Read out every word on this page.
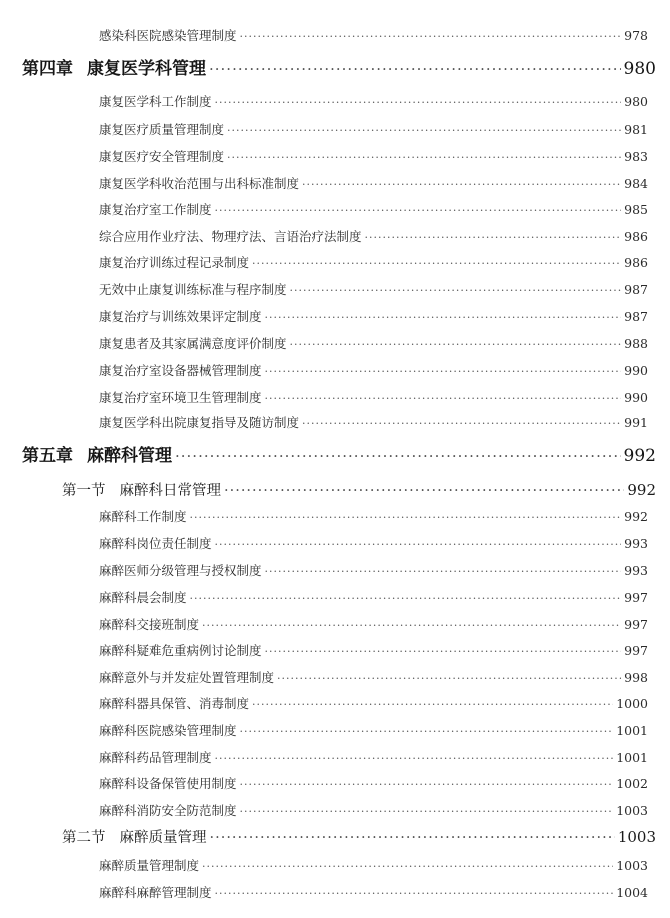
感染科医院感染管理制度 ·····	978
第四章 康复医学科管理 ·····	980
康复医学科工作制度 ·····	980
康复医疗质量管理制度 ·····	981
康复医疗安全管理制度 ·····	983
康复医学科收治范围与出科标准制度 ·····	984
康复治疗室工作制度 ·····	985
综合应用作业疗法、物理疗法、言语治疗法制度 ·····	986
康复治疗训练过程记录制度 ·····	986
无效中止康复训练标准与程序制度 ·····	987
康复治疗与训练效果评定制度 ·····	987
康复患者及其家属满意度评价制度 ·····	988
康复治疗室设备器械管理制度 ·····	990
康复治疗室环境卫生管理制度 ·····	990
康复医学科出院康复指导及随访制度 ·····	991
第五章 麻醉科管理 ·····	992
第一节 麻醉科日常管理 ·····	992
麻醉科工作制度 ·····	992
麻醉科岗位责任制度 ·····	993
麻醉医师分级管理与授权制度 ·····	993
麻醉科晨会制度 ·····	997
麻醉科交接班制度 ·····	997
麻醉科疑难危重病例讨论制度 ·····	997
麻醉意外与并发症处置管理制度 ·····	998
麻醉科器具保管、消毒制度 ·····	1000
麻醉科医院感染管理制度 ·····	1001
麻醉科药品管理制度 ·····	1001
麻醉科设备保管使用制度 ·····	1002
麻醉科消防安全防范制度 ·····	1003
第二节 麻醉质量管理 ·····	1003
麻醉质量管理制度 ·····	1003
麻醉科麻醉管理制度 ·····	1004
